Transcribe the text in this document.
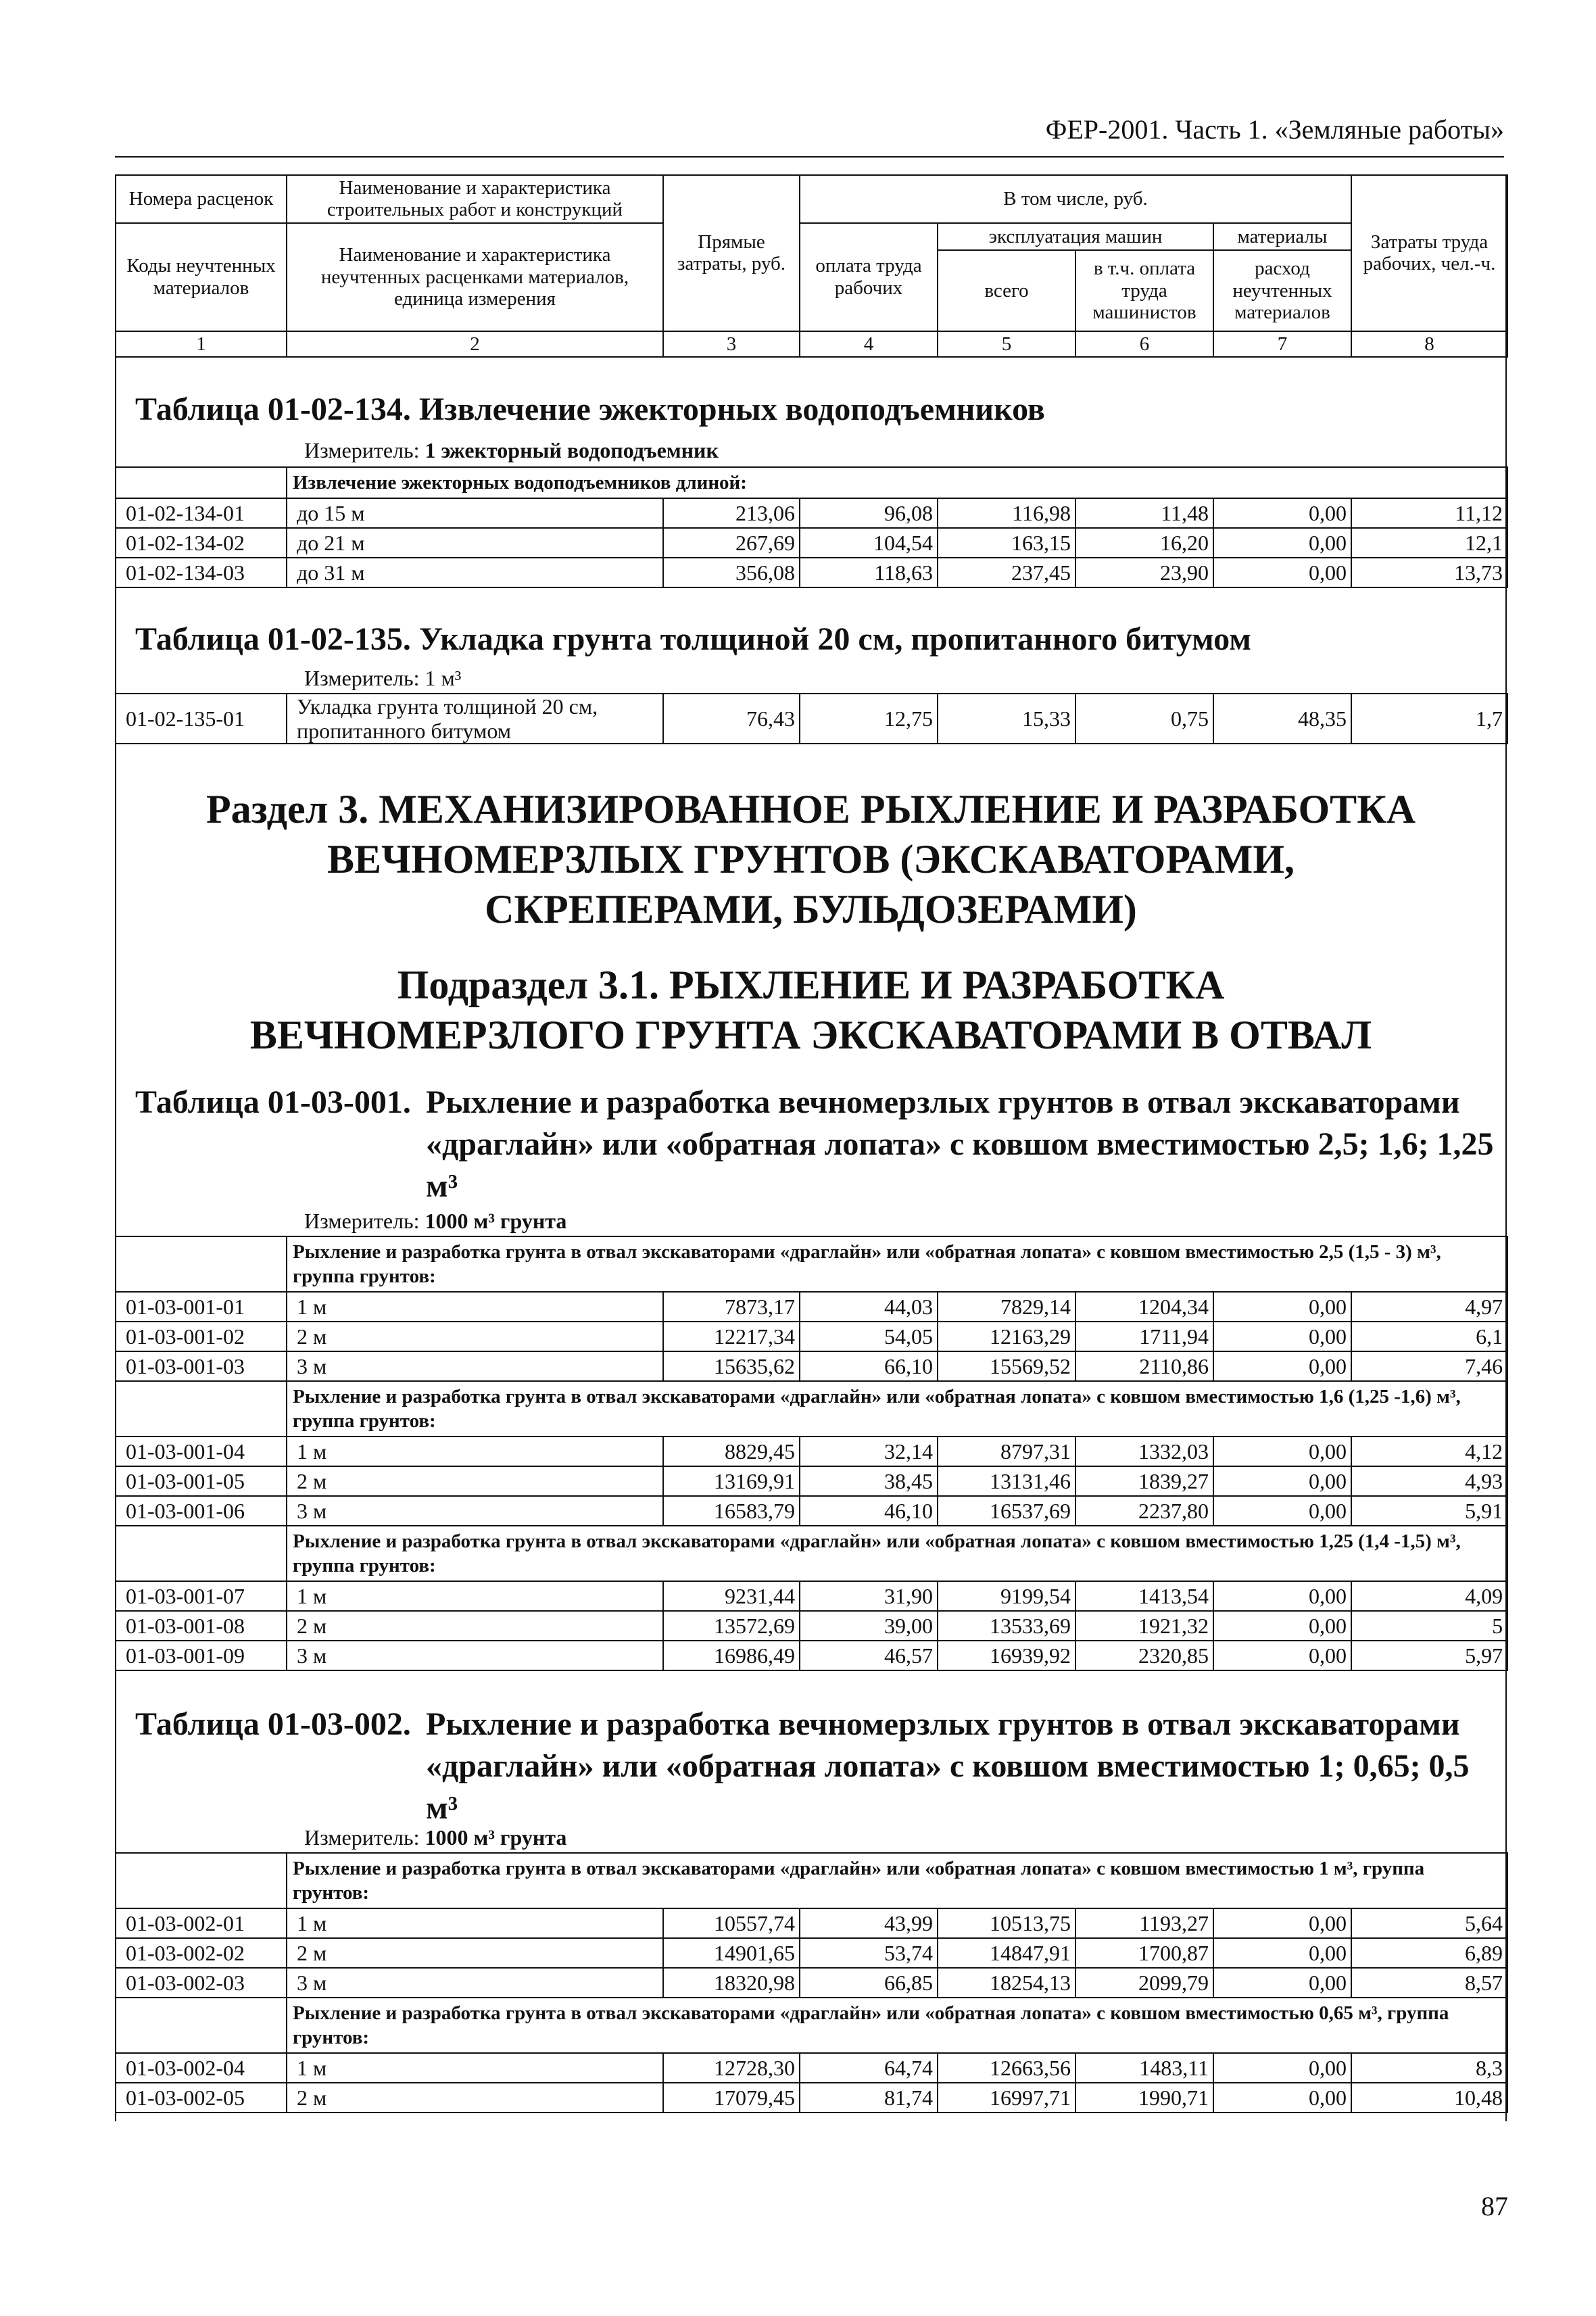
ФЕР-2001. Часть 1. «Земляные работы»
Номера расценок	Наименование и характеристика строительных работ и конструкций	Прямые затраты, руб.	В том числе, руб.				Затраты труда рабочих, чел.-ч.
Коды неучтенных материалов	Наименование и характеристика неучтенных расценками материалов, единица измерения		оплата труда рабочих	эксплуатация машин		материалы	
				всего	в т.ч. оплата труда машинистов	расход неучтенных материалов	
1	2	3	4	5	6	7	8
Таблица 01-02-134. Извлечение эжекторных водоподъемников
Измеритель: 1 эжекторный водоподъемник
	Извлечение эжекторных водоподъемников длиной:						
01-02-134-01	до 15 м	213,06	96,08	116,98	11,48	0,00	11,12
01-02-134-02	до 21 м	267,69	104,54	163,15	16,20	0,00	12,1
01-02-134-03	до 31 м	356,08	118,63	237,45	23,90	0,00	13,73
Таблица 01-02-135. Укладка грунта толщиной 20 см, пропитанного битумом
Измеритель: 1 м³
01-02-135-01	Укладка грунта толщиной 20 см, пропитанного битумом	76,43	12,75	15,33	0,75	48,35	1,7
Раздел 3. МЕХАНИЗИРОВАННОЕ РЫХЛЕНИЕ И РАЗРАБОТКА ВЕЧНОМЕРЗЛЫХ ГРУНТОВ (ЭКСКАВАТОРАМИ, СКРЕПЕРАМИ, БУЛЬДОЗЕРАМИ)
Подраздел 3.1. РЫХЛЕНИЕ И РАЗРАБОТКА ВЕЧНОМЕРЗЛОГО ГРУНТА ЭКСКАВАТОРАМИ В ОТВАЛ
Таблица 01-03-001. Рыхление и разработка вечномерзлых грунтов в отвал экскаваторами «драглайн» или «обратная лопата» с ковшом вместимостью 2,5; 1,6; 1,25 м³
Измеритель: 1000 м³ грунта
	Рыхление и разработка грунта в отвал экскаваторами «драглайн» или «обратная лопата» с ковшом вместимостью 2,5 (1,5 - 3) м³, группа грунтов:						
01-03-001-01	1 м	7873,17	44,03	7829,14	1204,34	0,00	4,97
01-03-001-02	2 м	12217,34	54,05	12163,29	1711,94	0,00	6,1
01-03-001-03	3 м	15635,62	66,10	15569,52	2110,86	0,00	7,46
	Рыхление и разработка грунта в отвал экскаваторами «драглайн» или «обратная лопата» с ковшом вместимостью 1,6 (1,25 -1,6) м³, группа грунтов:						
01-03-001-04	1 м	8829,45	32,14	8797,31	1332,03	0,00	4,12
01-03-001-05	2 м	13169,91	38,45	13131,46	1839,27	0,00	4,93
01-03-001-06	3 м	16583,79	46,10	16537,69	2237,80	0,00	5,91
	Рыхление и разработка грунта в отвал экскаваторами «драглайн» или «обратная лопата» с ковшом вместимостью 1,25 (1,4 -1,5) м³, группа грунтов:						
01-03-001-07	1 м	9231,44	31,90	9199,54	1413,54	0,00	4,09
01-03-001-08	2 м	13572,69	39,00	13533,69	1921,32	0,00	5
01-03-001-09	3 м	16986,49	46,57	16939,92	2320,85	0,00	5,97
Таблица 01-03-002. Рыхление и разработка вечномерзлых грунтов в отвал экскаваторами «драглайн» или «обратная лопата» с ковшом вместимостью 1; 0,65; 0,5 м³
Измеритель: 1000 м³ грунта
	Рыхление и разработка грунта в отвал экскаваторами «драглайн» или «обратная лопата» с ковшом вместимостью 1 м³, группа грунтов:						
01-03-002-01	1 м	10557,74	43,99	10513,75	1193,27	0,00	5,64
01-03-002-02	2 м	14901,65	53,74	14847,91	1700,87	0,00	6,89
01-03-002-03	3 м	18320,98	66,85	18254,13	2099,79	0,00	8,57
	Рыхление и разработка грунта в отвал экскаваторами «драглайн» или «обратная лопата» с ковшом вместимостью 0,65 м³, группа грунтов:						
01-03-002-04	1 м	12728,30	64,74	12663,56	1483,11	0,00	8,3
01-03-002-05	2 м	17079,45	81,74	16997,71	1990,71	0,00	10,48
87
